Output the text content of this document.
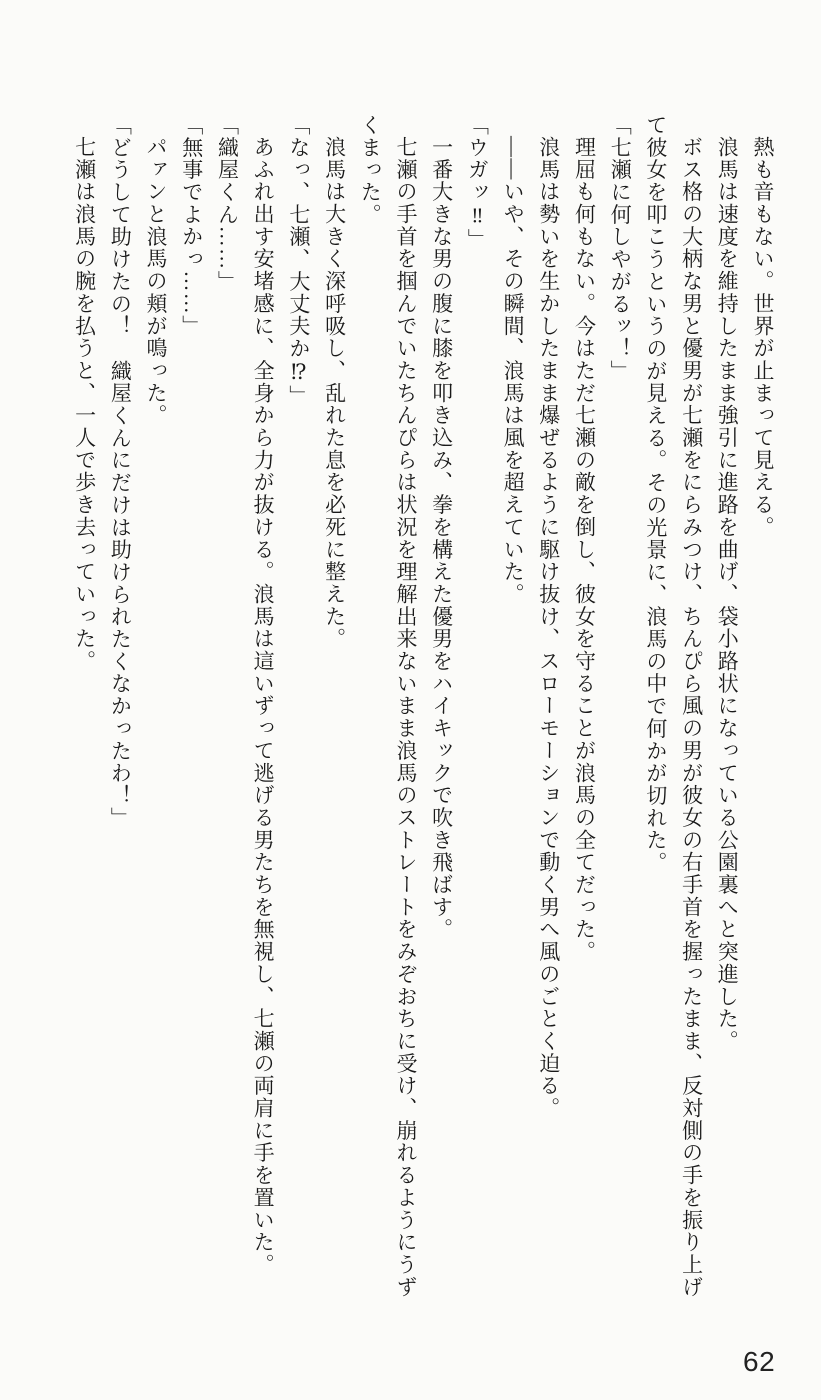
熱も音もない。世界が止まって見える。

浪馬は速度を維持したまま強引に進路を曲げ、袋小路状になっている公園裏へと突進した。

ボス格の大柄な男と優男が七瀬をにらみつけ、ちんぴら風の男が彼女の右手首を握ったまま、反対側の手を振り上げ

て彼女を叩こうというのが見える。その光景に、浪馬の中で何かが切れた。

「七瀬に何しやがるッ！」

理屈も何もない。今はただ七瀬の敵を倒し、彼女を守ることが浪馬の全てだった。

浪馬は勢いを生かしたまま爆ぜるように駆け抜け、スローモーションで動く男へ風のごとく迫る。

――いや、その瞬間、浪馬は風を超えていた。

「ウガッ‼」

一番大きな男の腹に膝を叩き込み、拳を構えた優男をハイキックで吹き飛ばす。

七瀬の手首を掴んでいたちんぴらは状況を理解出来ないまま浪馬のストレートをみぞおちに受け、崩れるようにうず

くまった。

浪馬は大きく深呼吸し、乱れた息を必死に整えた。

「なっ、七瀬、大丈夫か⁉」

あふれ出す安堵感に、全身から力が抜ける。浪馬は這いずって逃げる男たちを無視し、七瀬の両肩に手を置いた。

「織屋くん……」

「無事でよかっ……」

パァンと浪馬の頬が鳴った。

「どうして助けたの！　織屋くんにだけは助けられたくなかったわ！」

七瀬は浪馬の腕を払うと、一人で歩き去っていった。

62
